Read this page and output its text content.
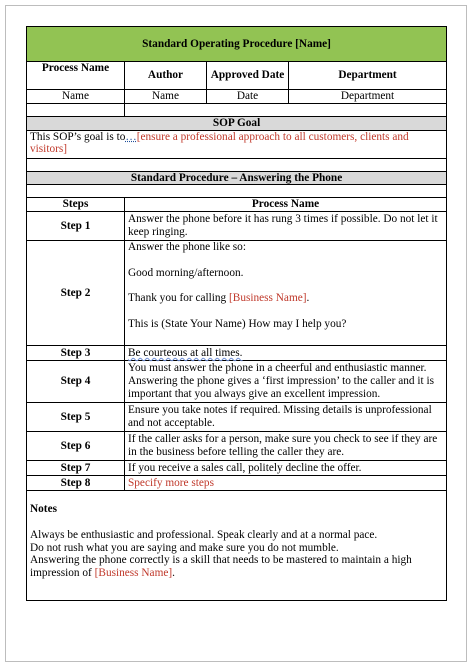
Standard Operating Procedure [Name]			
Process Name	Author	Approved Date	Department
Name	Name	Date	Department

SOP Goal			
This SOP’s goal is to…[ensure a professional approach to all customers, clients and visitors]			

Standard Procedure – Answering the Phone			

Steps	Process Name		
Step 1	Answer the phone before it has rung 3 times if possible. Do not let it keep ringing.		
Step 2	Answer the phone like so:

Good morning/afternoon.

Thank you for calling [Business Name].

This is (State Your Name) How may I help you?		

Step 3	Be courteous at all times.		
Step 4	You must answer the phone in a cheerful and enthusiastic manner. Answering the phone gives a ‘first impression’ to the caller and it is important that you always give an excellent impression.		
Step 5	Ensure you take notes if required. Missing details is unprofessional and not acceptable.		
Step 6	If the caller asks for a person, make sure you check to see if they are in the business before telling the caller they are.		
Step 7	If you receive a sales call, politely decline the offer.		
Step 8	Specify more steps		

Notes

Always be enthusiastic and professional. Speak clearly and at a normal pace.

Do not rush what you are saying and make sure you do not mumble.

Answering the phone correctly is a skill that needs to be mastered to maintain a high impression of [Business Name].			
